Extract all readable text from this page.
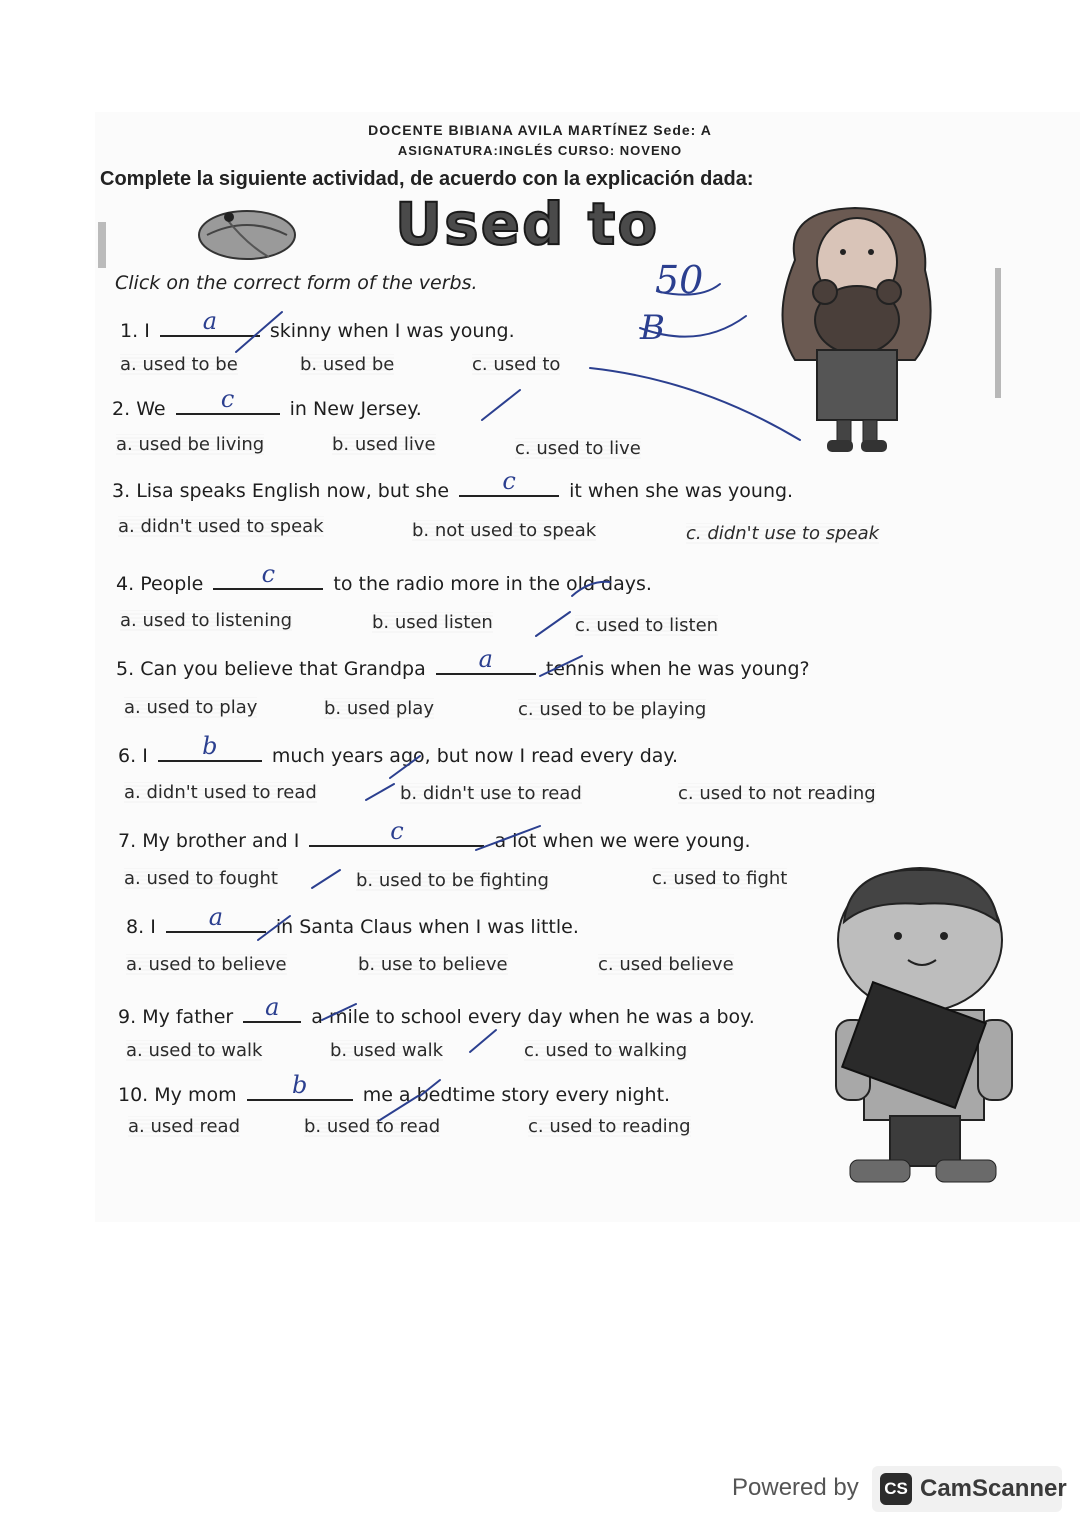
DOCENTE BIBIANA AVILA MARTÍNEZ Sede: A
ASIGNATURA:INGLÉS CURSO: NOVENO
Complete la siguiente actividad, de acuerdo con la explicación dada:
Used to
Click on the correct form of the verbs.
1. I	a	skinny when I was young.
a. used to be	b. used be	c. used to
2. We	c	in New Jersey.
a. used be living	b. used live	c. used to live
3. Lisa speaks English now, but she	c	it when she was young.
a. didn't used to speak	b. not used to speak	c. didn't use to speak
4. People	c	to the radio more in the old days.
a. used to listening	b. used listen	c. used to listen
5. Can you believe that Grandpa	a	tennis when he was young?
a. used to play	b. used play	c. used to be playing
6. I	b	much years ago, but now I read every day.
a. didn't used to read	b. didn't use to read	c. used to not reading
7. My brother and I	c	a lot when we were young.
a. used to fought	b. used to be fighting	c. used to fight
8. I	a	in Santa Claus when I was little.
a. used to believe	b. use to believe	c. used believe
9. My father	a	a mile to school every day when he was a boy.
a. used to walk	b. used walk	c. used to walking
10. My mom	b	me a bedtime story every night.
a. used read	b. used to read	c. used to reading
50
B
Powered by CS CamScanner
